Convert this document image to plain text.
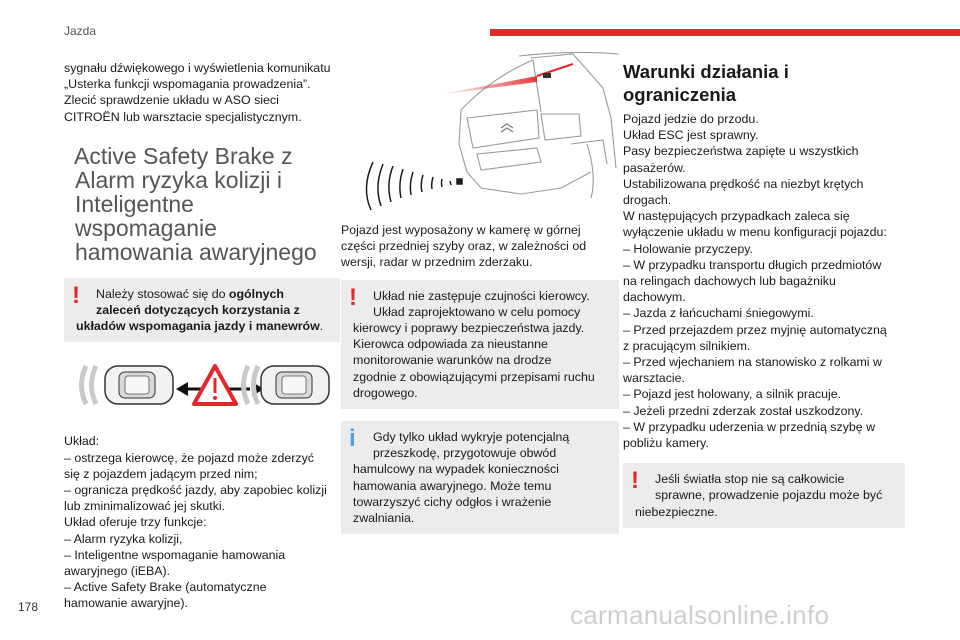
Jazda

sygnału dźwiękowego i wyświetlenia komunikatu
„Usterka funkcji wspomagania prowadzenia”.
Zlecić sprawdzenie układu w ASO sieci
CITROËN lub warsztacie specjalistycznym.

Active Safety Brake z
Alarm ryzyka kolizji i
Inteligentne wspomaganie
hamowania awaryjnego
!	Należy stosować się do ogólnych
zaleceń dotyczących korzystania z
układów wspomagania jazdy i manewrów.

Układ:
– ostrzega kierowcę, że pojazd może zderzyć
się z pojazdem jadącym przed nim;
– ogranicza prędkość jazdy, aby zapobiec kolizji
lub zminimalizować jej skutki.
Układ oferuje trzy funkcje:
– Alarm ryzyka kolizji,
– Inteligentne wspomaganie hamowania
awaryjnego (iEBA).
– Active Safety Brake (automatyczne
hamowanie awaryjne).

Pojazd jest wyposażony w kamerę w górnej
części przedniej szyby oraz, w zależności od
wersji, radar w przednim zderzaku.

!	Układ nie zastępuje czujności kierowcy.
Układ zaprojektowano w celu pomocy
kierowcy i poprawy bezpieczeństwa jazdy.
Kierowca odpowiada za nieustanne
monitorowanie warunków na drodze
zgodnie z obowiązującymi przepisami ruchu
drogowego.
i	Gdy tylko układ wykryje potencjalną
przeszkodę, przygotowuje obwód
hamulcowy na wypadek konieczności
hamowania awaryjnego. Może temu
towarzyszyć cichy odgłos i wrażenie
zwalniania.
Warunki działania i
ograniczenia

Pojazd jedzie do przodu.
Układ ESC jest sprawny.
Pasy bezpieczeństwa zapięte u wszystkich
pasażerów.
Ustabilizowana prędkość na niezbyt krętych
drogach.
W następujących przypadkach zaleca się
wyłączenie układu w menu konfiguracji pojazdu:
– Holowanie przyczepy.
– W przypadku transportu długich przedmiotów
na relingach dachowych lub bagażniku
dachowym.
– Jazda z łańcuchami śniegowymi.
– Przed przejazdem przez myjnię automatyczną
z pracującym silnikiem.
– Przed wjechaniem na stanowisko z rolkami w
warsztacie.
– Pojazd jest holowany, a silnik pracuje.
– Jeżeli przedni zderzak został uszkodzony.
– W przypadku uderzenia w przednią szybę w
pobliżu kamery.

!	Jeśli światła stop nie są całkowicie
sprawne, prowadzenie pojazdu może być
niebezpieczne.
178	carmanualsonline.info
